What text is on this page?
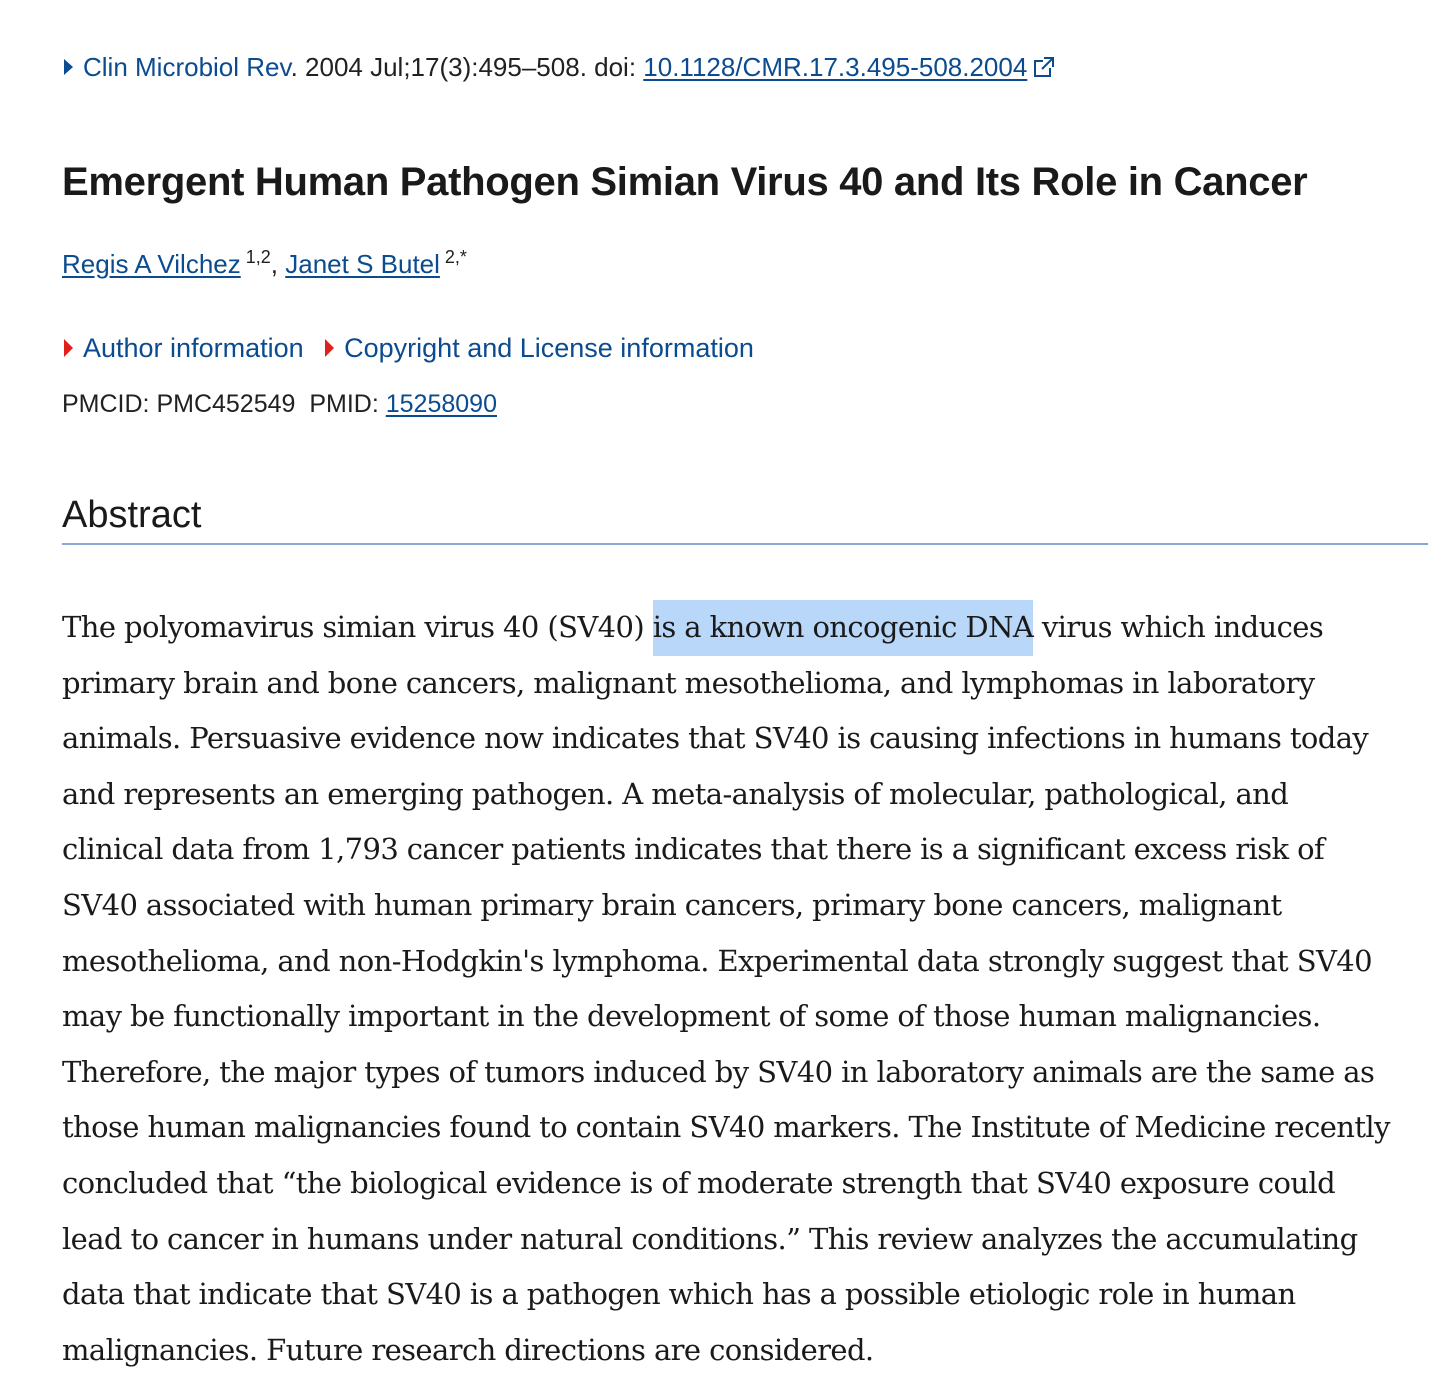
Clin Microbiol Rev. 2004 Jul;17(3):495–508. doi: 10.1128/CMR.17.3.495-508.2004
Emergent Human Pathogen Simian Virus 40 and Its Role in Cancer
Regis A Vilchez $^{1,2}$, Janet S Butel $^{2,*}$
Author information Copyright and License information
PMCID: PMC452549 PMID: 15258090
Abstract

The polyomavirus simian virus 40 (SV40) is a known oncogenic DNA virus which induces
primary brain and bone cancers, malignant mesothelioma, and lymphomas in laboratory
animals. Persuasive evidence now indicates that SV40 is causing infections in humans today
and represents an emerging pathogen. A meta-analysis of molecular, pathological, and
clinical data from 1,793 cancer patients indicates that there is a significant excess risk of
SV40 associated with human primary brain cancers, primary bone cancers, malignant
mesothelioma, and non-Hodgkin's lymphoma. Experimental data strongly suggest that SV40
may be functionally important in the development of some of those human malignancies.
Therefore, the major types of tumors induced by SV40 in laboratory animals are the same as
those human malignancies found to contain SV40 markers. The Institute of Medicine recently
concluded that “the biological evidence is of moderate strength that SV40 exposure could
lead to cancer in humans under natural conditions.” This review analyzes the accumulating
data that indicate that SV40 is a pathogen which has a possible etiologic role in human
malignancies. Future research directions are considered.
